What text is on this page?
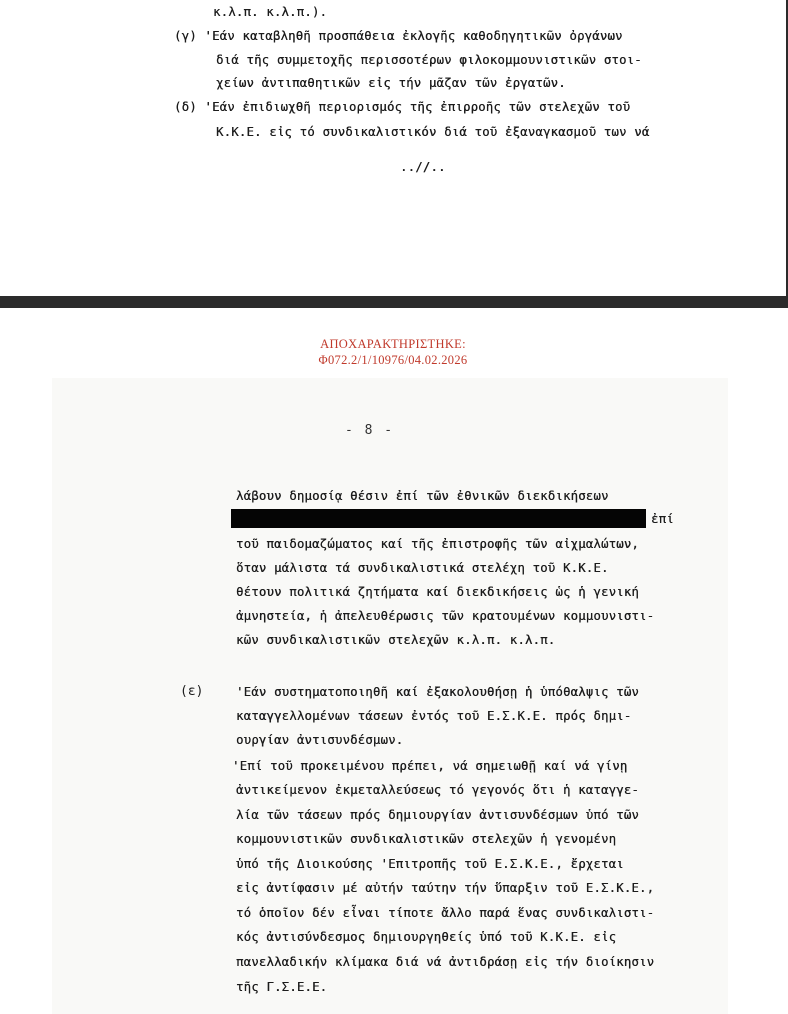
κ.λ.π. κ.λ.π.).
(γ) 'Εάν καταβληθῆ προσπάθεια ἐκλογῆς καθοδηγητικῶν ὀργάνων
διά τῆς συμμετοχῆς περισσοτέρων φιλοκομμουνιστικῶν στοι-
χείων ἀντιπαθητικῶν εἰς τήν μᾶζαν τῶν ἐργατῶν.
(δ) 'Εάν ἐπιδιωχθῆ περιορισμός τῆς ἐπιρροῆς τῶν στελεχῶν τοῦ
Κ.Κ.Ε. εἰς τό συνδικαλιστικόν διά τοῦ ἐξαναγκασμοῦ των νά
..//..
ΑΠΟΧΑΡΑΚΤΗΡΙΣΤΗΚΕ:
Φ072.2/1/10976/04.02.2026
- 8 -
λάβουν δημοσίᾳ θέσιν ἐπί τῶν ἐθνικῶν διεκδικήσεων
ἐπί
τοῦ παιδομαζώματος καί τῆς ἐπιστροφῆς τῶν αἰχμαλώτων,
ὅταν μάλιστα τά συνδικαλιστικά στελέχη τοῦ Κ.Κ.Ε.
θέτουν πολιτικά ζητήματα καί διεκδικήσεις ὡς ἡ γενική
ἀμνηστεία, ἡ ἀπελευθέρωσις τῶν κρατουμένων κομμουνιστι-
κῶν συνδικαλιστικῶν στελεχῶν κ.λ.π. κ.λ.π.
(ε)	'Εάν συστηματοποιηθῆ καί ἐξακολουθήσῃ ἡ ὑπόθαλψις τῶν
καταγγελλομένων τάσεων ἐντός τοῦ Ε.Σ.Κ.Ε. πρός δημι-
ουργίαν ἀντισυνδέσμων.
'Επί τοῦ προκειμένου πρέπει, νά σημειωθῇ καί νά γίνῃ
ἀντικείμενον ἐκμεταλλεύσεως τό γεγονός ὅτι ἡ καταγγε-
λία τῶν τάσεων πρός δημιουργίαν ἀντισυνδέσμων ὑπό τῶν
κομμουνιστικῶν συνδικαλιστικῶν στελεχῶν ἡ γενομένη
ὑπό τῆς Διοικούσης 'Επιτροπῆς τοῦ Ε.Σ.Κ.Ε., ἔρχεται
εἰς ἀντίφασιν μέ αὐτήν ταύτην τήν ὕπαρξιν τοῦ Ε.Σ.Κ.Ε.,
τό ὁποῖον δέν εἶναι τίποτε ἄλλο παρά ἕνας συνδικαλιστι-
κός ἀντισύνδεσμος δημιουργηθείς ὑπό τοῦ Κ.Κ.Ε. εἰς
πανελλαδικήν κλίμακα διά νά ἀντιδράσῃ εἰς τήν διοίκησιν
τῆς Γ.Σ.Ε.Ε.
